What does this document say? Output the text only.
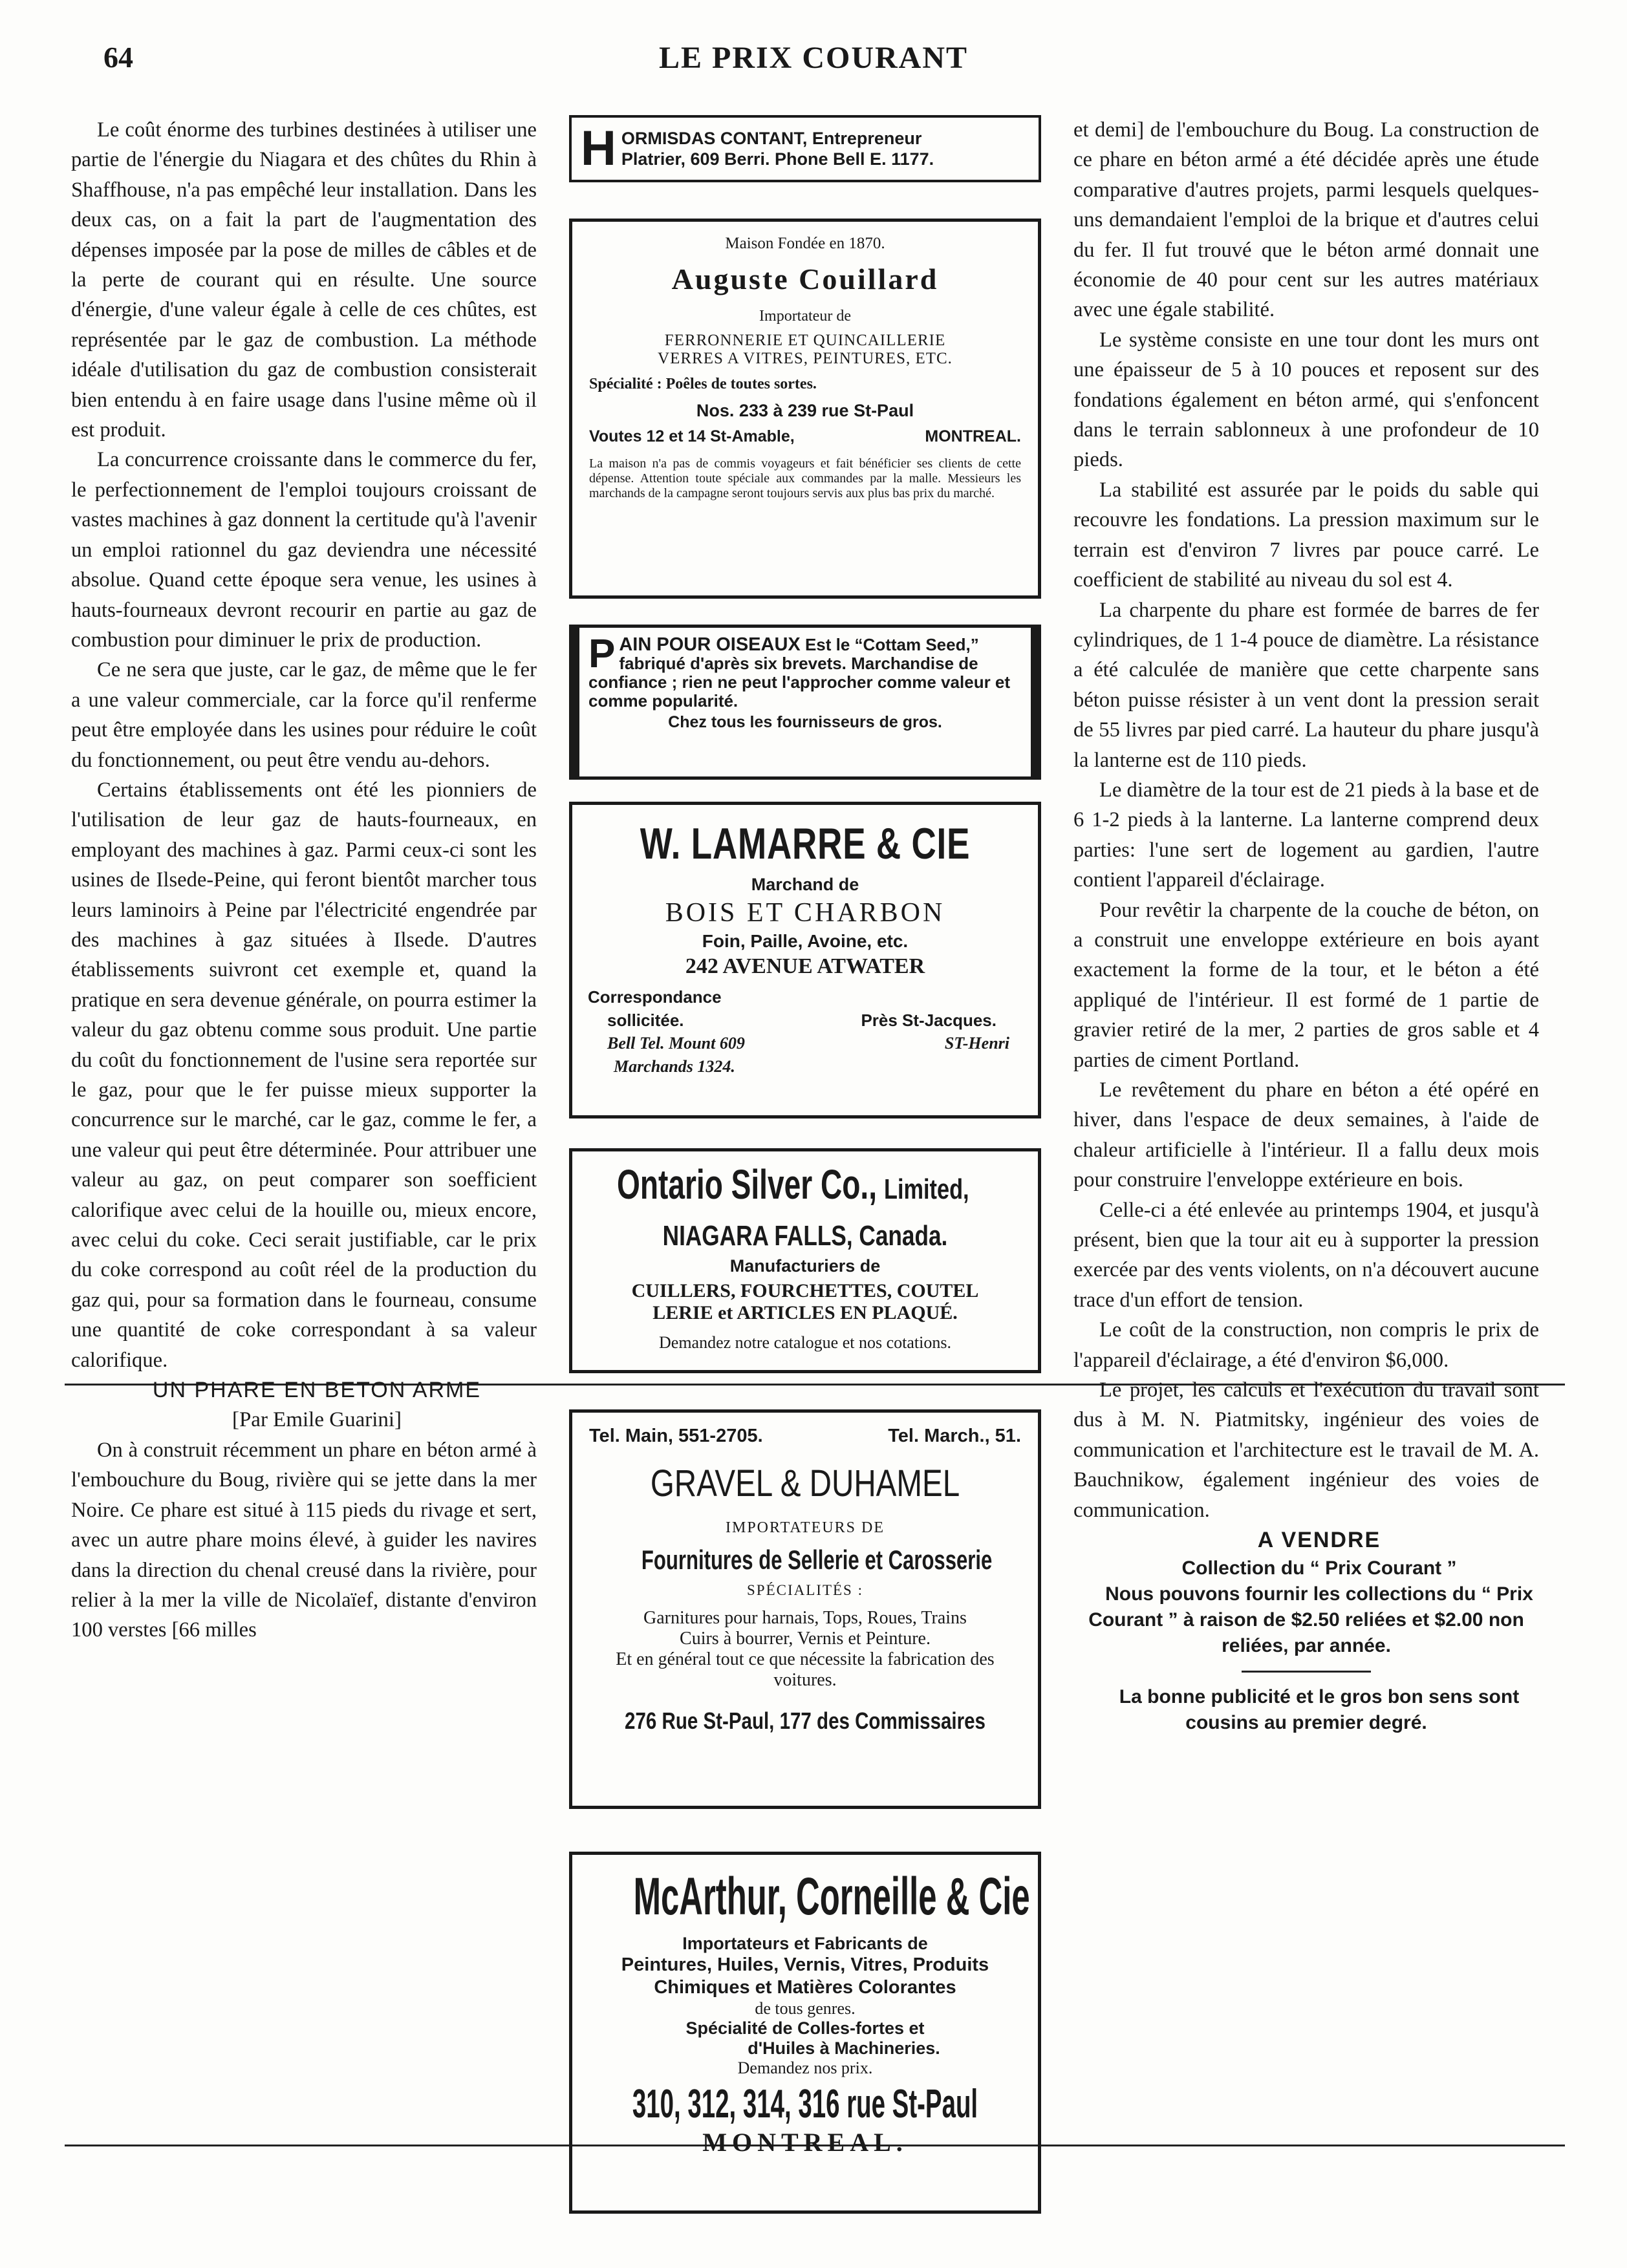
64	LE PRIX COURANT

Le coût énorme des turbines destinées à utiliser une partie de l'énergie du Niagara et des chûtes du Rhin à Shaffhouse, n'a pas empêché leur installation. Dans les deux cas, on a fait la part de l'augmentation des dépenses imposée par la pose de milles de câbles et de la perte de courant qui en résulte. Une source d'énergie, d'une valeur égale à celle de ces chûtes, est représentée par le gaz de combustion. La méthode idéale d'utilisation du gaz de combustion consisterait bien entendu à en faire usage dans l'usine même où il est produit.

La concurrence croissante dans le commerce du fer, le perfectionnement de l'emploi toujours croissant de vastes machines à gaz donnent la certitude qu'à l'avenir un emploi rationnel du gaz deviendra une nécessité absolue. Quand cette époque sera venue, les usines à hauts-fourneaux devront recourir en partie au gaz de combustion pour diminuer le prix de production.

Ce ne sera que juste, car le gaz, de même que le fer a une valeur commerciale, car la force qu'il renferme peut être employée dans les usines pour réduire le coût du fonctionnement, ou peut être vendu au-dehors.

Certains établissements ont été les pionniers de l'utilisation de leur gaz de hauts-fourneaux, en employant des machines à gaz. Parmi ceux-ci sont les usines de Ilsede-Peine, qui feront bientôt marcher tous leurs laminoirs à Peine par l'électricité engendrée par des machines à gaz situées à Ilsede. D'autres établissements suivront cet exemple et, quand la pratique en sera devenue générale, on pourra estimer la valeur du gaz obtenu comme sous produit. Une partie du coût du fonctionnement de l'usine sera reportée sur le gaz, pour que le fer puisse mieux supporter la concurrence sur le marché, car le gaz, comme le fer, a une valeur qui peut être déterminée. Pour attribuer une valeur au gaz, on peut comparer son soefficient calorifique avec celui de la houille ou, mieux encore, avec celui du coke. Ceci serait justifiable, car le prix du coke correspond au coût réel de la production du gaz qui, pour sa formation dans le fourneau, consume une quantité de coke correspondant à sa valeur calorifique.

UN PHARE EN BETON ARME

[Par Emile Guarini]

On à construit récemment un phare en béton armé à l'embouchure du Boug, rivière qui se jette dans la mer Noire. Ce phare est situé à 115 pieds du rivage et sert, avec un autre phare moins élevé, à guider les navires dans la direction du chenal creusé dans la rivière, pour relier à la mer la ville de Nicolaïef, distante d'environ 100 verstes [66 milles

et demi] de l'embouchure du Boug. La construction de ce phare en béton armé a été décidée après une étude comparative d'autres projets, parmi lesquels quelques-uns demandaient l'emploi de la brique et d'autres celui du fer. Il fut trouvé que le béton armé donnait une économie de 40 pour cent sur les autres matériaux avec une égale stabilité.

Le système consiste en une tour dont les murs ont une épaisseur de 5 à 10 pouces et reposent sur des fondations également en béton armé, qui s'enfoncent dans le terrain sablonneux à une profondeur de 10 pieds.

La stabilité est assurée par le poids du sable qui recouvre les fondations. La pression maximum sur le terrain est d'environ 7 livres par pouce carré. Le coefficient de stabilité au niveau du sol est 4.

La charpente du phare est formée de barres de fer cylindriques, de 1 1-4 pouce de diamètre. La résistance a été calculée de manière que cette charpente sans béton puisse résister à un vent dont la pression serait de 55 livres par pied carré. La hauteur du phare jusqu'à la lanterne est de 110 pieds.

Le diamètre de la tour est de 21 pieds à la base et de 6 1-2 pieds à la lanterne. La lanterne comprend deux parties: l'une sert de logement au gardien, l'autre contient l'appareil d'éclairage.

Pour revêtir la charpente de la couche de béton, on a construit une enveloppe extérieure en bois ayant exactement la forme de la tour, et le béton a été appliqué de l'intérieur. Il est formé de 1 partie de gravier retiré de la mer, 2 parties de gros sable et 4 parties de ciment Portland.

Le revêtement du phare en béton a été opéré en hiver, dans l'espace de deux semaines, à l'aide de chaleur artificielle à l'intérieur. Il a fallu deux mois pour construire l'enveloppe extérieure en bois.

Celle-ci a été enlevée au printemps 1904, et jusqu'à présent, bien que la tour ait eu à supporter la pression exercée par des vents violents, on n'a découvert aucune trace d'un effort de tension.

Le coût de la construction, non compris le prix de l'appareil d'éclairage, a été d'environ $6,000.

Le projet, les calculs et l'exécution du travail sont dus à M. N. Piatmitsky, ingénieur des voies de communication et l'architecture est le travail de M. A. Bauchnikow, également ingénieur des voies de communication.

A VENDRE

Collection du “ Prix Courant ”

Nous pouvons fournir les collections du “ Prix Courant ” à raison de $2.50 reliées et $2.00 non reliées, par année.

La bonne publicité et le gros bon sens sont cousins au premier degré.

H ORMISDAS CONTANT, Entrepreneur
Platrier, 609 Berri. Phone Bell E. 1177.

Maison Fondée en 1870.

Auguste Couillard

Importateur de

FERRONNERIE ET QUINCAILLERIE

VERRES A VITRES, PEINTURES, ETC.

Spécialité : Poêles de toutes sortes.

Nos. 233 à 239 rue St-Paul

Voutes 12 et 14 St-Amable,	MONTREAL.

La maison n'a pas de commis voyageurs et fait bénéficier ses clients de cette dépense. Attention toute spéciale aux commandes par la malle. Messieurs les marchands de la campagne seront toujours servis aux plus bas prix du marché.

P AIN POUR OISEAUX Est le “Cottam Seed,” fabriqué d'après six brevets. Marchandise de confiance ; rien ne peut l'approcher comme valeur et comme popularité.
Chez tous les fournisseurs de gros.

W. LAMARRE & CIE

Marchand de

BOIS ET CHARBON

Foin, Paille, Avoine, etc.

242 AVENUE ATWATER

Correspondance
sollicitée.	Près St-Jacques.
Bell Tel. Mount 609	ST-Henri
Marchands 1324.
Ontario Silver Co., Limited,

NIAGARA FALLS, Canada.

Manufacturiers de

CUILLERS, FOURCHETTES, COUTEL

LERIE et ARTICLES EN PLAQUÉ.

Demandez notre catalogue et nos cotations.

Tel. Main, 551-2705.	Tel. March., 51.

GRAVEL & DUHAMEL

IMPORTATEURS DE

Fournitures de Sellerie et Carosserie

SPÉCIALITÉS :

Garnitures pour harnais, Tops, Roues, Trains

Cuirs à bourrer, Vernis et Peinture.

Et en général tout ce que nécessite la fabrication des voitures.

276 Rue St-Paul, 177 des Commissaires

McArthur, Corneille & Cie

Importateurs et Fabricants de

Peintures, Huiles, Vernis, Vitres, Produits Chimiques et Matières Colorantes

de tous genres.

Spécialité de Colles-fortes et

d'Huiles à Machineries.

Demandez nos prix.

310, 312, 314, 316 rue St-Paul

MONTREAL.
